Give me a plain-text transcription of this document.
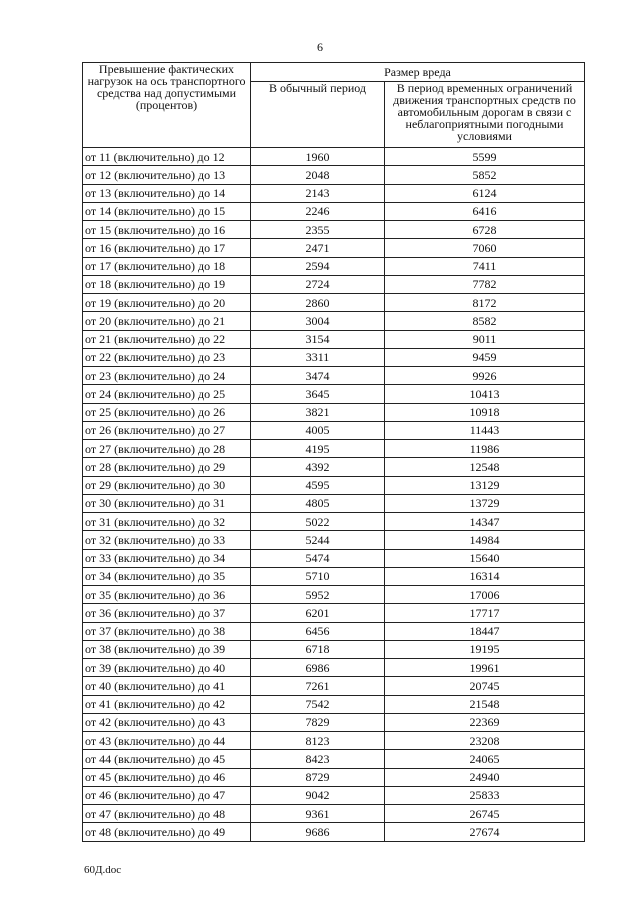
6
Превышение фактических нагрузок на ось транспортного средства над допустимыми (процентов)	Размер вреда	
	В обычный период	В период временных ограничений движения транспортных средств по автомобильным дорогам в связи с неблагоприятными погодными условиями
от 11 (включительно) до 12	1960	5599
от 12 (включительно) до 13	2048	5852
от 13 (включительно) до 14	2143	6124
от 14 (включительно) до 15	2246	6416
от 15 (включительно) до 16	2355	6728
от 16 (включительно) до 17	2471	7060
от 17 (включительно) до 18	2594	7411
от 18 (включительно) до 19	2724	7782
от 19 (включительно) до 20	2860	8172
от 20 (включительно) до 21	3004	8582
от 21 (включительно) до 22	3154	9011
от 22 (включительно) до 23	3311	9459
от 23 (включительно) до 24	3474	9926
от 24 (включительно) до 25	3645	10413
от 25 (включительно) до 26	3821	10918
от 26 (включительно) до 27	4005	11443
от 27 (включительно) до 28	4195	11986
от 28 (включительно) до 29	4392	12548
от 29 (включительно) до 30	4595	13129
от 30 (включительно) до 31	4805	13729
от 31 (включительно) до 32	5022	14347
от 32 (включительно) до 33	5244	14984
от 33 (включительно) до 34	5474	15640
от 34 (включительно) до 35	5710	16314
от 35 (включительно) до 36	5952	17006
от 36 (включительно) до 37	6201	17717
от 37 (включительно) до 38	6456	18447
от 38 (включительно) до 39	6718	19195
от 39 (включительно) до 40	6986	19961
от 40 (включительно) до 41	7261	20745
от 41 (включительно) до 42	7542	21548
от 42 (включительно) до 43	7829	22369
от 43 (включительно) до 44	8123	23208
от 44 (включительно) до 45	8423	24065
от 45 (включительно) до 46	8729	24940
от 46 (включительно) до 47	9042	25833
от 47 (включительно) до 48	9361	26745
от 48 (включительно) до 49	9686	27674
60Д.doc
